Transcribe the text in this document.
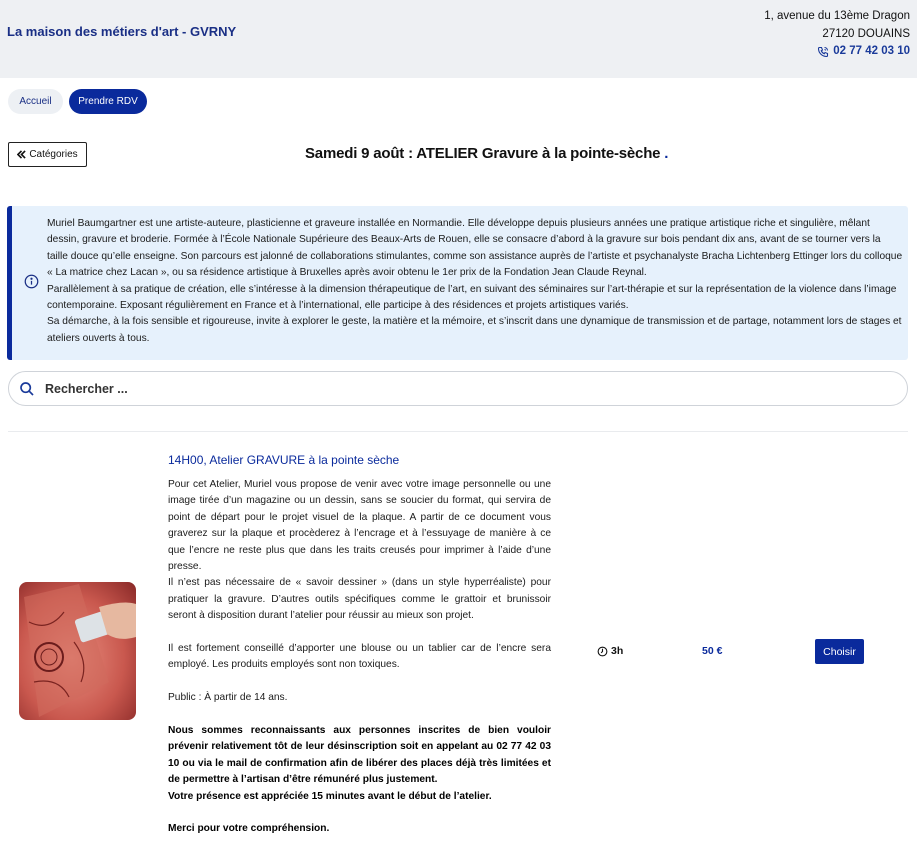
La maison des métiers d'art - GVRNY
1, avenue du 13ème Dragon
27120 DOUAINS
02 77 42 03 10
Accueil	Prendre RDV
Catégories	Samedi 9 août : ATELIER Gravure à la pointe-sèche .

Muriel Baumgartner est une artiste-auteure, plasticienne et graveure installée en Normandie. Elle développe depuis plusieurs années une pratique artistique riche et singulière, mêlant dessin, gravure et broderie. Formée à l’École Nationale Supérieure des Beaux-Arts de Rouen, elle se consacre d’abord à la gravure sur bois pendant dix ans, avant de se tourner vers la taille douce qu’elle enseigne. Son parcours est jalonné de collaborations stimulantes, comme son assistance auprès de l’artiste et psychanalyste Bracha Lichtenberg Ettinger lors du colloque « La matrice chez Lacan », ou sa résidence artistique à Bruxelles après avoir obtenu le 1er prix de la Fondation Jean Claude Reynal.

Parallèlement à sa pratique de création, elle s’intéresse à la dimension thérapeutique de l’art, en suivant des séminaires sur l’art-thérapie et sur la représentation de la violence dans l’image contemporaine. Exposant régulièrement en France et à l’international, elle participe à des résidences et projets artistiques variés.

Sa démarche, à la fois sensible et rigoureuse, invite à explorer le geste, la matière et la mémoire, et s’inscrit dans une dynamique de transmission et de partage, notamment lors de stages et ateliers ouverts à tous.

Rechercher ...
14H00, Atelier GRAVURE à la pointe sèche

Pour cet Atelier, Muriel vous propose de venir avec votre image personnelle ou une image tirée d’un magazine ou un dessin, sans se soucier du format, qui servira de point de départ pour le projet visuel de la plaque. A partir de ce document vous graverez sur la plaque et procèderez à l’encrage et à l’essuyage de manière à ce que l’encre ne reste plus que dans les traits creusés pour imprimer à l’aide d’une presse.

Il n’est pas nécessaire de « savoir dessiner » (dans un style hyperréaliste) pour pratiquer la gravure. D’autres outils spécifiques comme le grattoir et brunissoir seront à disposition durant l’atelier pour réussir au mieux son projet.

Il est fortement conseillé d’apporter une blouse ou un tablier car de l’encre sera employé. Les produits employés sont non toxiques.

Public : À partir de 14 ans.

Nous sommes reconnaissants aux personnes inscrites de bien vouloir prévenir relativement tôt de leur désinscription soit en appelant au 02 77 42 03 10 ou via le mail de confirmation afin de libérer des places déjà très limitées et de permettre à l’artisan d’être rémunéré plus justement.

Votre présence est appréciée 15 minutes avant le début de l’atelier.

Merci pour votre compréhension.

3h	50 €	Choisir
